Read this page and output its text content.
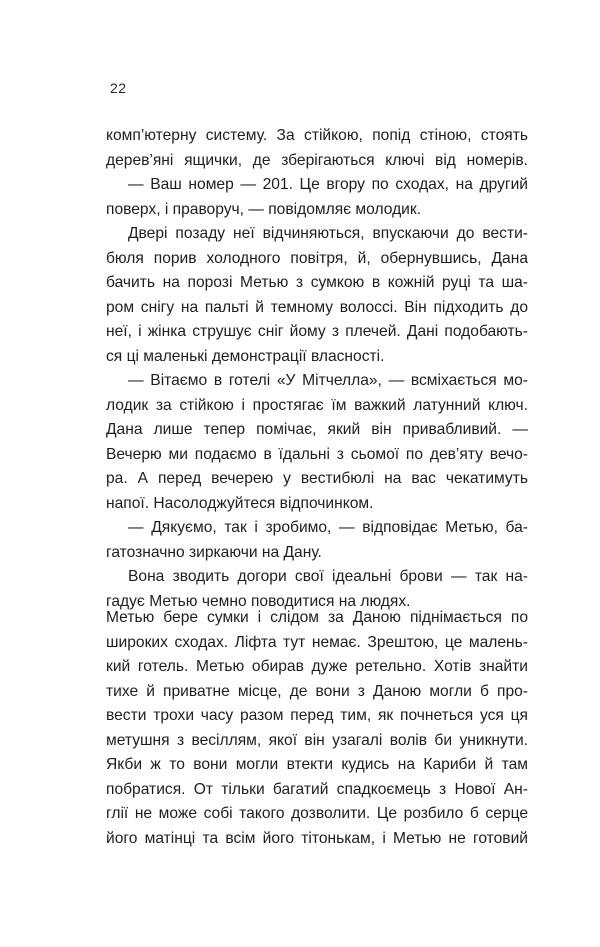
22
комп’ютерну систему. За стійкою, попід стіною, стоять
дерев’яні ящички, де зберігаються ключі від номерів.
— Ваш номер — 201. Це вгору по сходах, на другий
поверх, і праворуч, — повідомляє молодик.
Двері позаду неї відчиняються, впускаючи до вести-
бюля порив холодного повітря, й, обернувшись, Дана
бачить на порозі Метью з сумкою в кожній руці та ша-
ром снігу на пальті й темному волоссі. Він підходить до
неї, і жінка струшує сніг йому з плечей. Дані подобають-
ся ці маленькі демонстрації власності.
— Вітаємо в готелі «У Мітчелла», — всміхається мо-
лодик за стійкою і простягає їм важкий латунний ключ.
Дана лише тепер помічає, який він привабливий. —
Вечерю ми подаємо в їдальні з сьомої по дев’яту вечо-
ра. А перед вечерею у вестибюлі на вас чекатимуть
напої. Насолоджуйтеся відпочинком.
— Дякуємо, так і зробимо, — відповідає Метью, ба-
гатозначно зиркаючи на Дану.
Вона зводить догори свої ідеальні брови — так на-
гадує Метью чемно поводитися на людях.
Метью бере сумки і слідом за Даною піднімається по
широких сходах. Ліфта тут немає. Зрештою, це малень-
кий готель. Метью обирав дуже ретельно. Хотів знайти
тихе й приватне місце, де вони з Даною могли б про-
вести трохи часу разом перед тим, як почнеться уся ця
метушня з весіллям, якої він узагалі волів би уникнути.
Якби ж то вони могли втекти кудись на Кариби й там
побратися. От тільки багатий спадкоємець з Нової Ан-
глії не може собі такого дозволити. Це розбило б серце
його матінці та всім його тітонькам, і Метью не готовий
